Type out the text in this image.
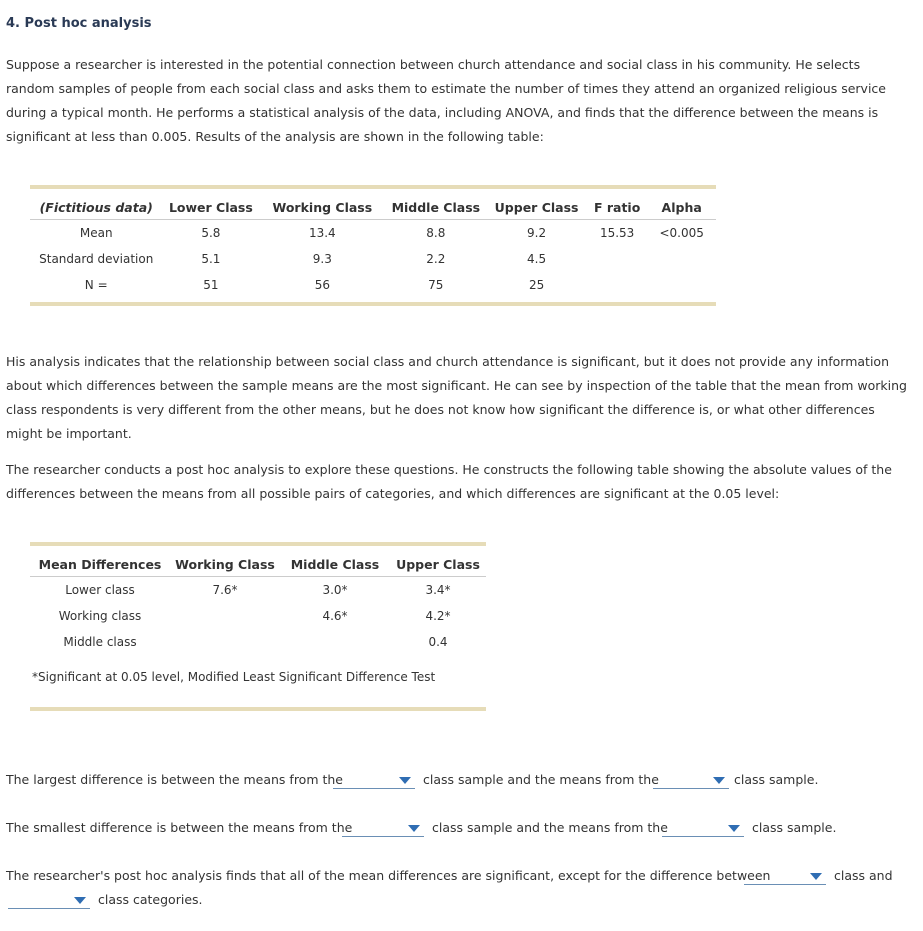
4. Post hoc analysis
Suppose a researcher is interested in the potential connection between church attendance and social class in his community. He selects random samples of people from each social class and asks them to estimate the number of times they attend an organized religious service during a typical month. He performs a statistical analysis of the data, including ANOVA, and finds that the difference between the means is significant at less than 0.005. Results of the analysis are shown in the following table:
(Fictitious data)	Lower Class	Working Class	Middle Class	Upper Class	F ratio	Alpha
Mean	5.8	13.4	8.8	9.2	15.53	<0.005
Standard deviation	5.1	9.3	2.2	4.5		
N =	51	56	75	25		
His analysis indicates that the relationship between social class and church attendance is significant, but it does not provide any information about which differences between the sample means are the most significant. He can see by inspection of the table that the mean from working class respondents is very different from the other means, but he does not know how significant the difference is, or what other differences might be important.
The researcher conducts a post hoc analysis to explore these questions. He constructs the following table showing the absolute values of the differences between the means from all possible pairs of categories, and which differences are significant at the 0.05 level:
Mean Differences	Working Class	Middle Class	Upper Class
Lower class	7.6*	3.0*	3.4*
Working class		4.6*	4.2*
Middle class			0.4
*Significant at 0.05 level, Modified Least Significant Difference Test
The largest difference is between the means from the	class sample and the means from the	class sample.
The smallest difference is between the means from the	class sample and the means from the	class sample.
The researcher's post hoc analysis finds that all of the mean differences are significant, except for the difference between	class and
class categories.
